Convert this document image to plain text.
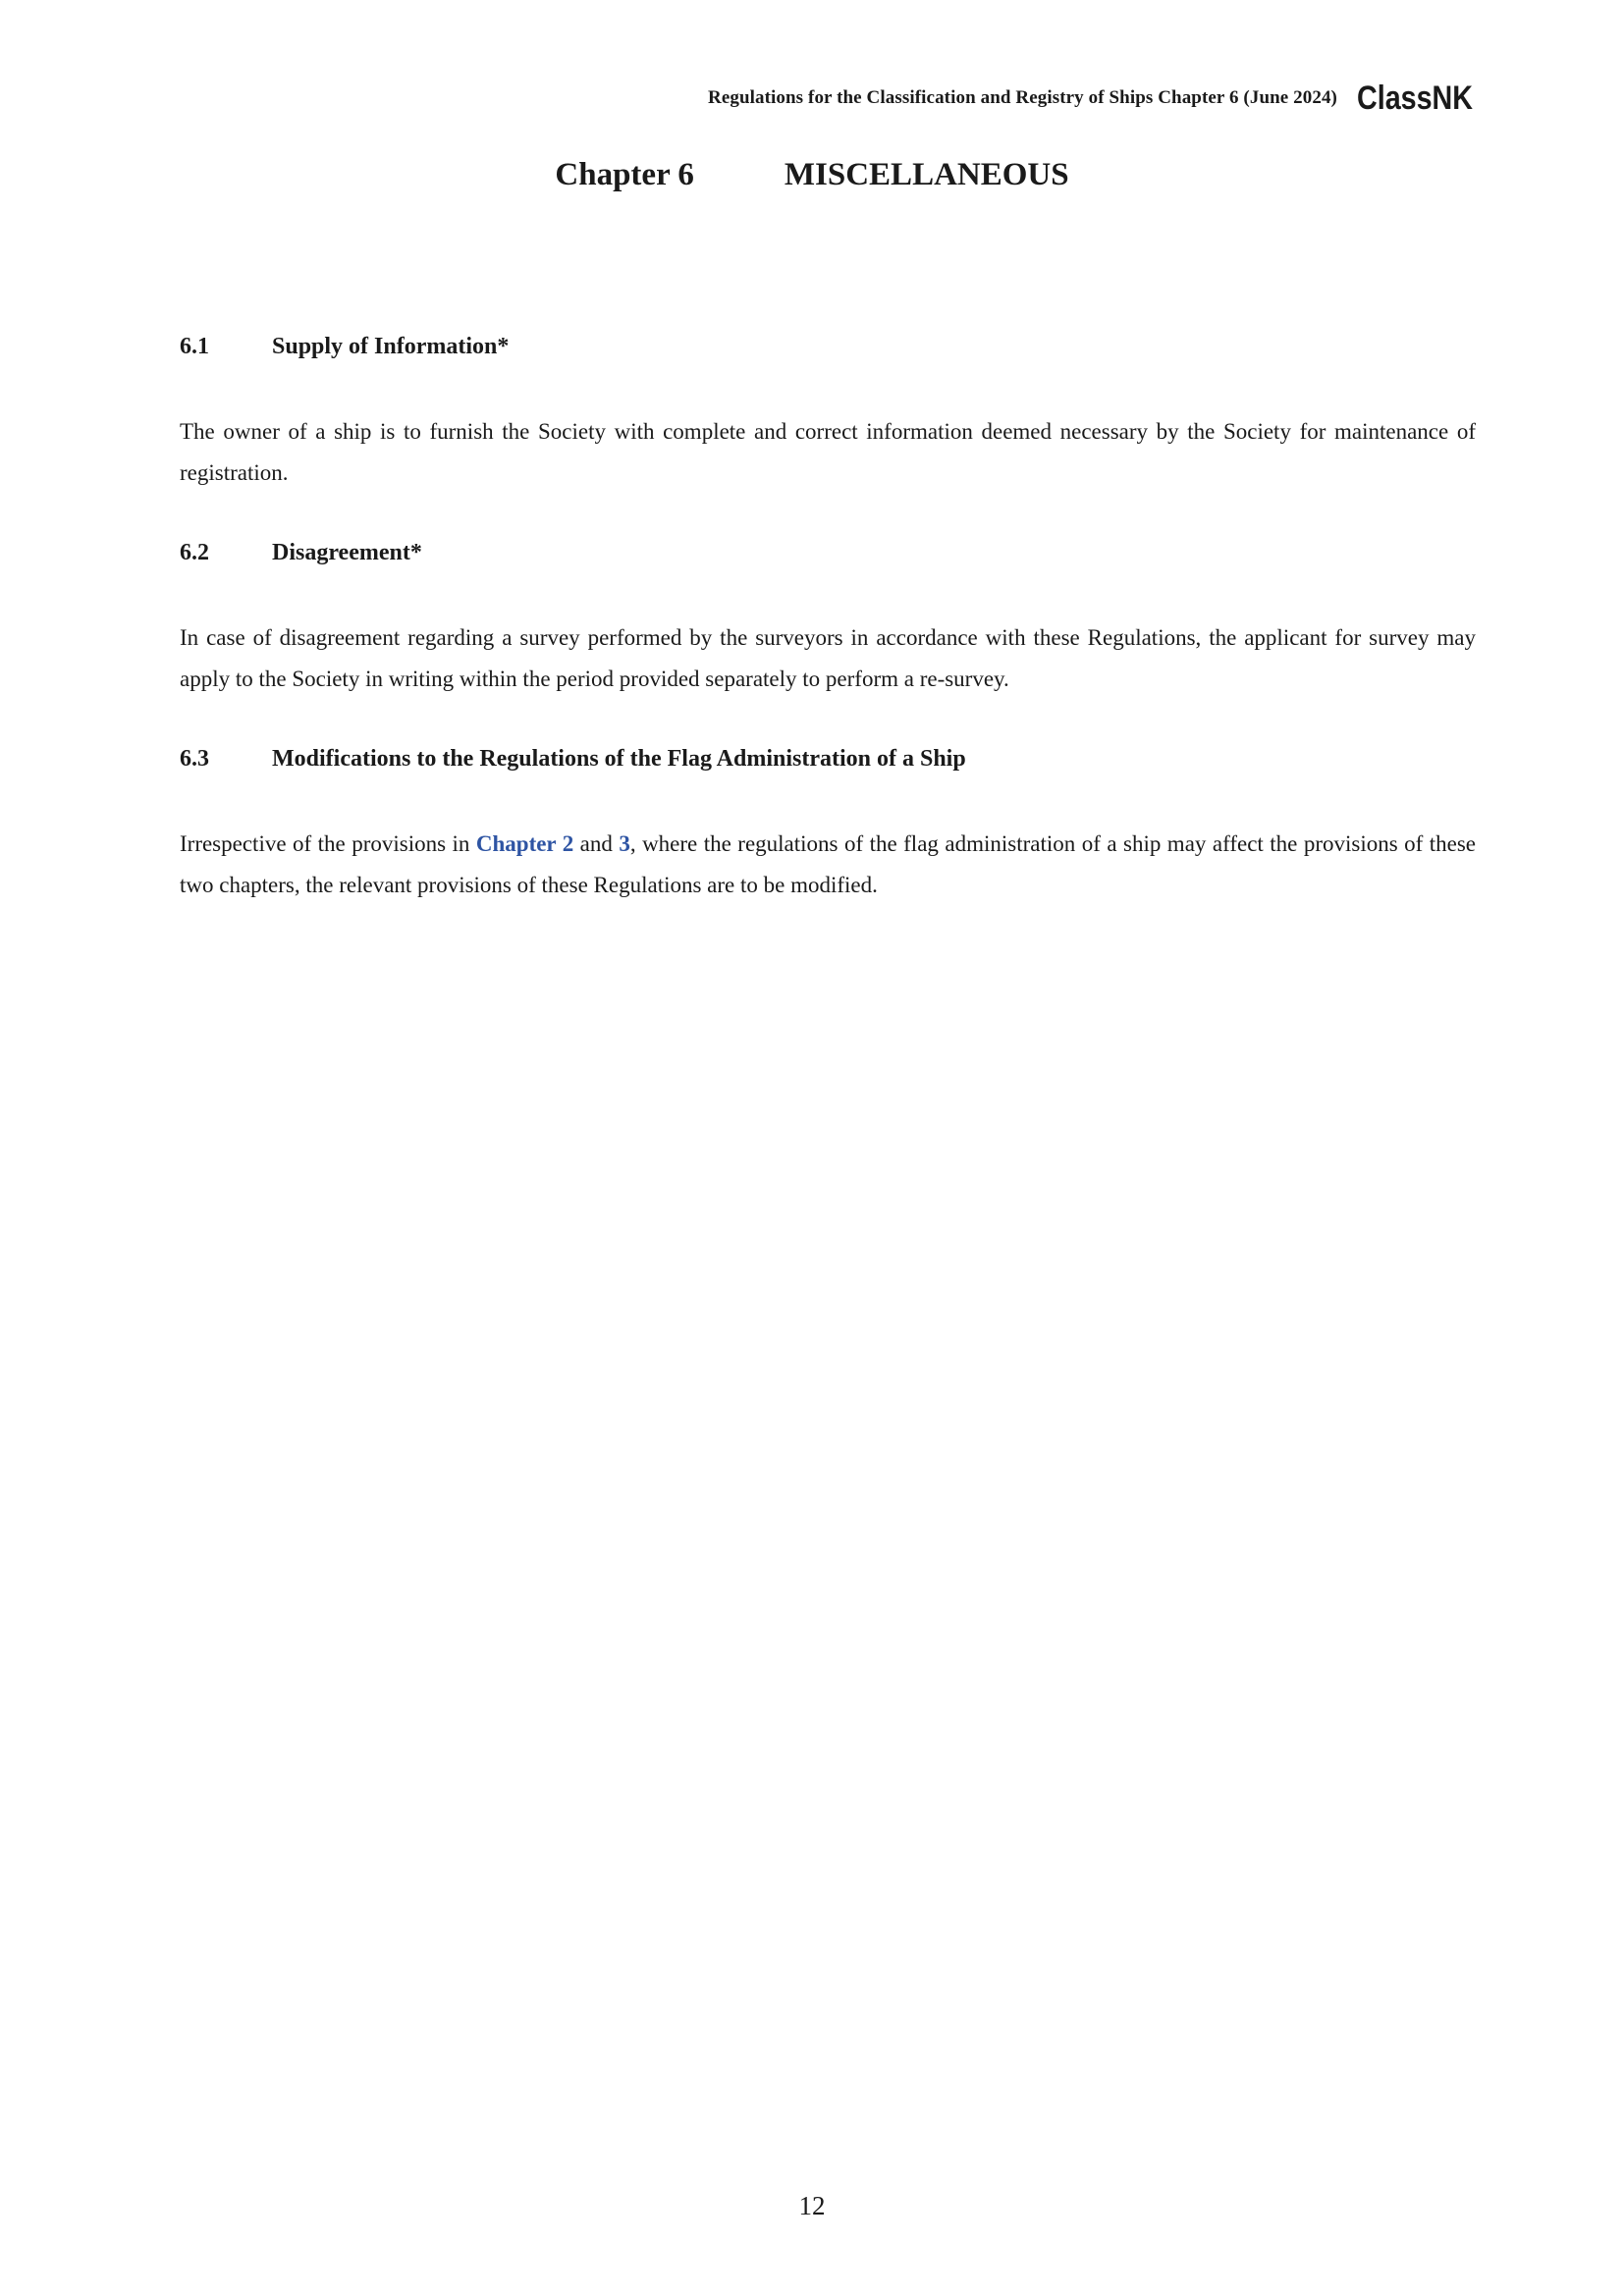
Regulations for the Classification and Registry of Ships Chapter 6 (June 2024) ClassNK
Chapter 6	MISCELLANEOUS
6.1	Supply of Information*

The owner of a ship is to furnish the Society with complete and correct information deemed necessary by the Society for maintenance of registration.

6.2	Disagreement*

In case of disagreement regarding a survey performed by the surveyors in accordance with these Regulations, the applicant for survey may apply to the Society in writing within the period provided separately to perform a re-survey.

6.3	Modifications to the Regulations of the Flag Administration of a Ship

Irrespective of the provisions in Chapter 2 and 3, where the regulations of the flag administration of a ship may affect the provisions of these two chapters, the relevant provisions of these Regulations are to be modified.

12
